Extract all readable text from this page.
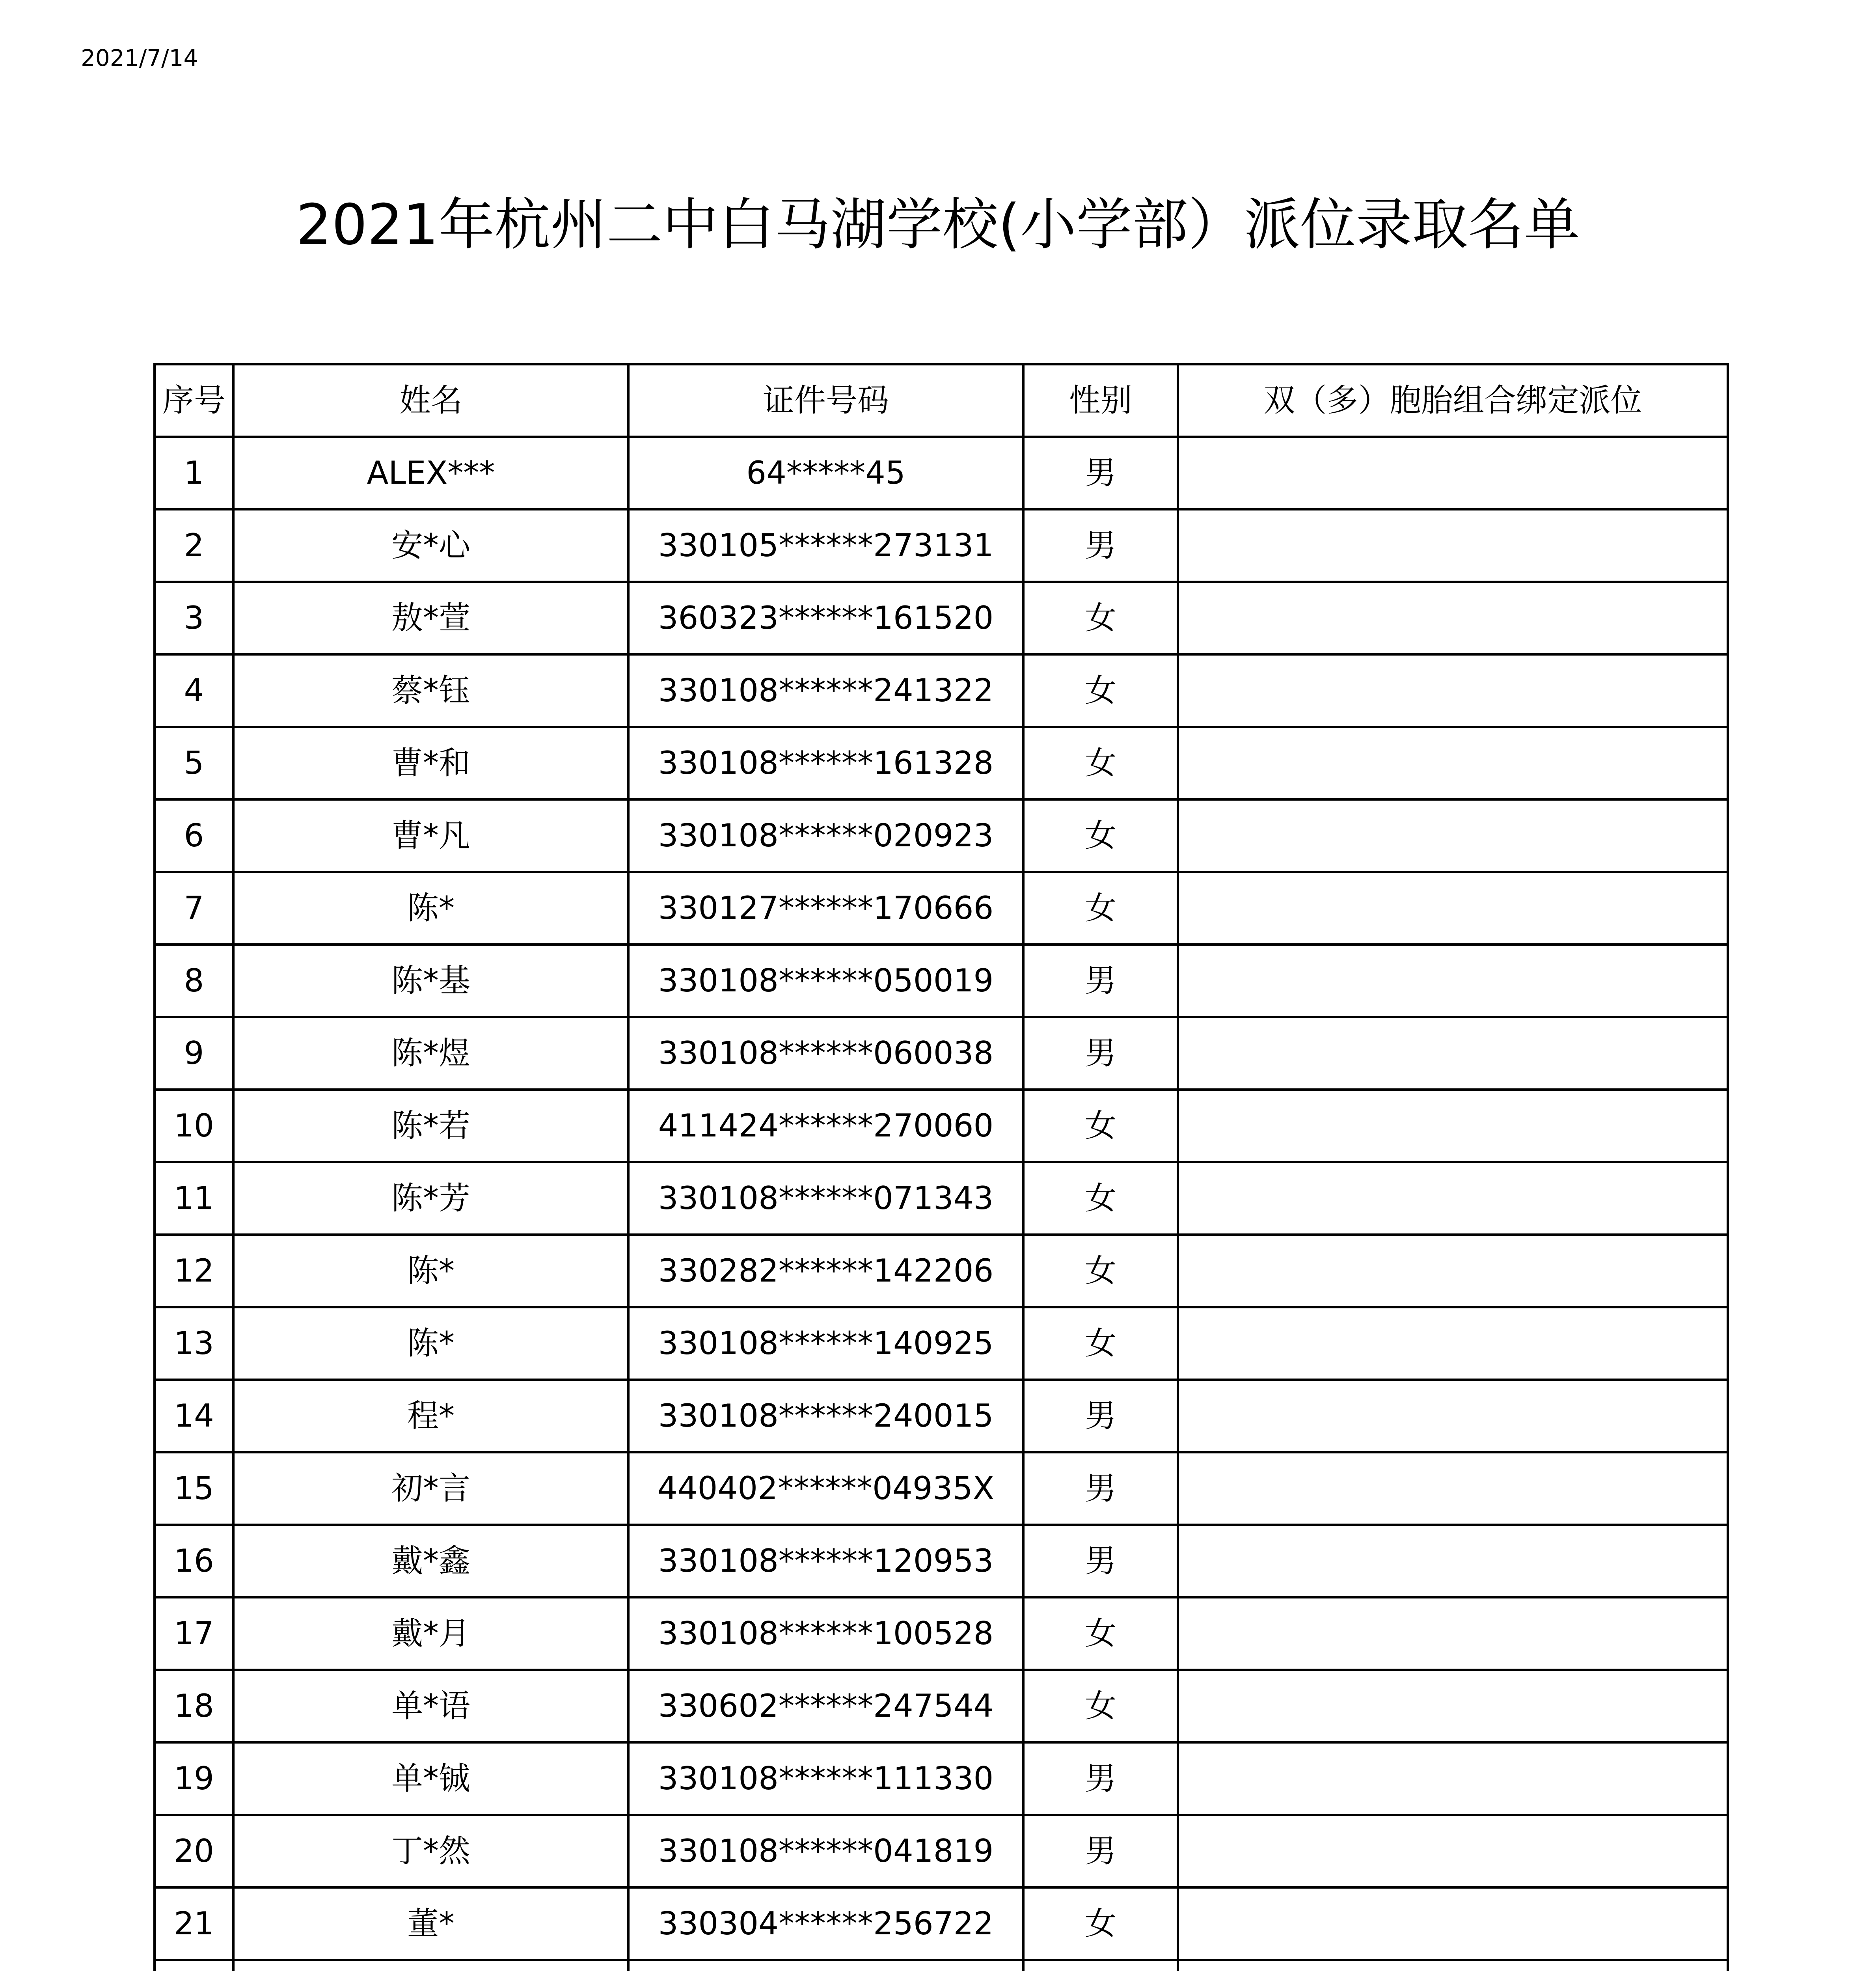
2021/7/14
2021年杭州二中白马湖学校(小学部）派位录取名单
序号	姓名	证件号码	性别	双（多）胞胎组合绑定派位
1	ALEX***	64*****45	男	
2	安*心	330105******273131	男	
3	敖*萱	360323******161520	女	
4	蔡*钰	330108******241322	女	
5	曹*和	330108******161328	女	
6	曹*凡	330108******020923	女	
7	陈*	330127******170666	女	
8	陈*基	330108******050019	男	
9	陈*煜	330108******060038	男	
10	陈*若	411424******270060	女	
11	陈*芳	330108******071343	女	
12	陈*	330282******142206	女	
13	陈*	330108******140925	女	
14	程*	330108******240015	男	
15	初*言	440402******04935X	男	
16	戴*鑫	330108******120953	男	
17	戴*月	330108******100528	女	
18	单*语	330602******247544	女	
19	单*铖	330108******111330	男	
20	丁*然	330108******041819	男	
21	董*	330304******256722	女	
